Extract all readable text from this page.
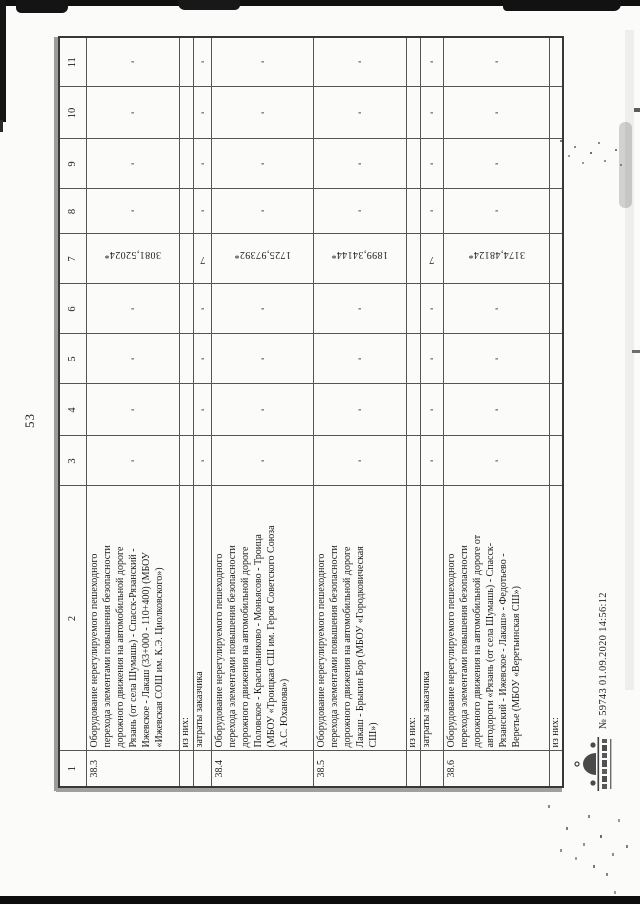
53
1	2	3	4	5	6	7	8	9	10	11
38.3	Оборудование нерегулируемого пешеходного перехода элементами повышения безопасности дорожного движения на автомобильной дороге Рязань (от села Шумашь) - Спасск-Рязанский - Ижевское - Лакаш (33+000 - 110+400) (МБОУ «Ижевская СОШ им. К.Э. Циолковского»)	-	-	-	-	3081,52024*	-	-	-	-

	из них:									

	затраты заказчика	-	-	-	-	7	-	-	-	-
38.4	Оборудование нерегулируемого пешеходного перехода элементами повышения безопасности дорожного движения на автомобильной дороге Половское - Красильниково - Моньясово - Троица (МБОУ «Троицкая СШ им. Героя Советского Союза А.С. Юханова»)	-	-	-	-	1725,97392*	-	-	-	-
38.5	Оборудование нерегулируемого пешеходного перехода элементами повышения безопасности дорожного движения на автомобильной дороге Лакаш - Брыкин Бор (МБОУ «Городковическая СШ»)	-	-	-	-	1899,34144*	-	-	-	-

	из них:									

	затраты заказчика	-	-	-	-	7	-	-	-	-
38.6	Оборудование нерегулируемого пешеходного перехода элементами повышения безопасности дорожного движения на автомобильной дороге от автодороги «Рязань (от села Шумашь) - Спасск-Рязанский - Ижевское - Лакаш» - Федотьево - Веретье (МБОУ «Веретьинская СШ»)	-	-	-	-	3174,48124*	-	-	-	-

	из них:									

№ 59743 01.09.2020 14:56:12
